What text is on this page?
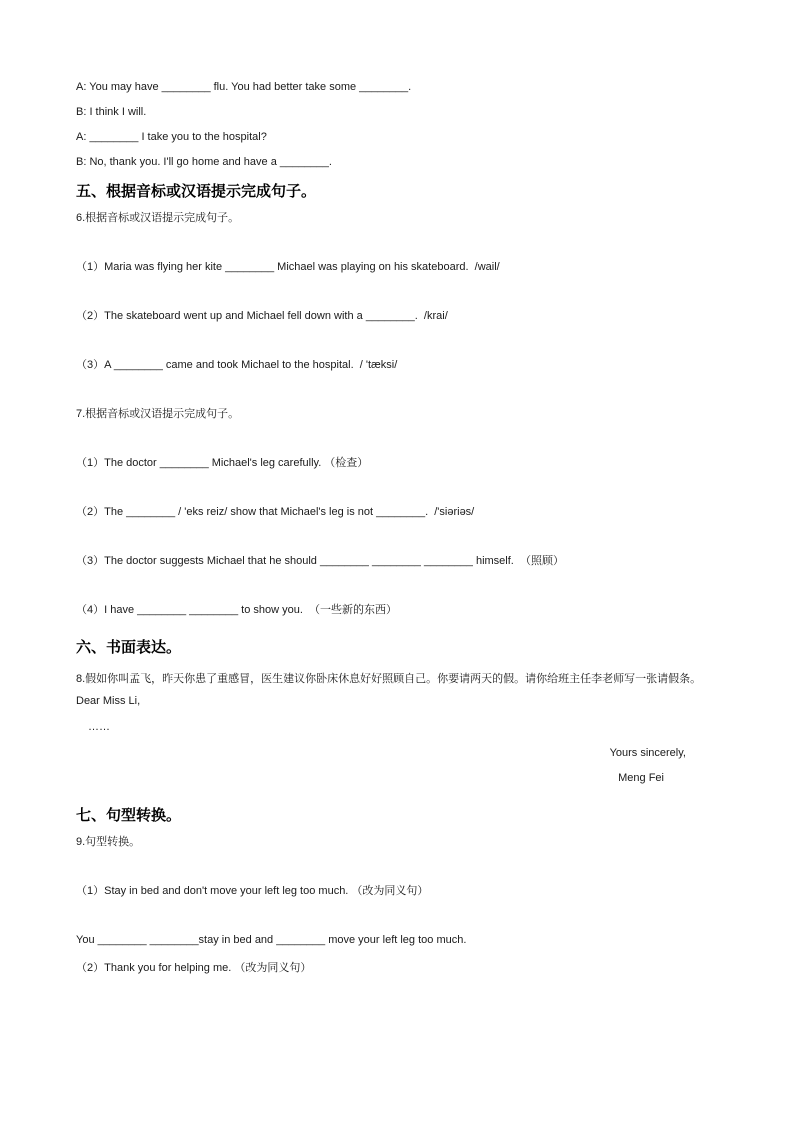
A: You may have ________ flu. You had better take some ________.

B: I think I will.

A: ________ I take you to the hospital?

B: No, thank you. I'll go home and have a ________.

五、根据音标或汉语提示完成句子。

6.根据音标或汉语提示完成句子。

（1）Maria was flying her kite ________ Michael was playing on his skateboard.  /wail/

（2）The skateboard went up and Michael fell down with a ________.  /krai/

（3）A ________ came and took Michael to the hospital.  / 'tæksi/

7.根据音标或汉语提示完成句子。

（1）The doctor ________ Michael's leg carefully. （检查）

（2）The ________ / 'eks reiz/ show that Michael's leg is not ________.  /'siəriəs/

（3）The doctor suggests Michael that he should ________ ________ ________ himself.  （照顾）

（4）I have ________ ________ to show you.  （一些新的东西）

六、书面表达。

8.假如你叫孟飞，昨天你患了重感冒，医生建议你卧床休息好好照顾自己。你要请两天的假。请你给班主任李老师写一张请假条。

Dear Miss Li,

……

Yours sincerely,

Meng Fei

七、句型转换。

9.句型转换。

（1）Stay in bed and don't move your left leg too much. （改为同义句）

You ________ ________stay in bed and ________ move your left leg too much.

（2）Thank you for helping me. （改为同义句）
